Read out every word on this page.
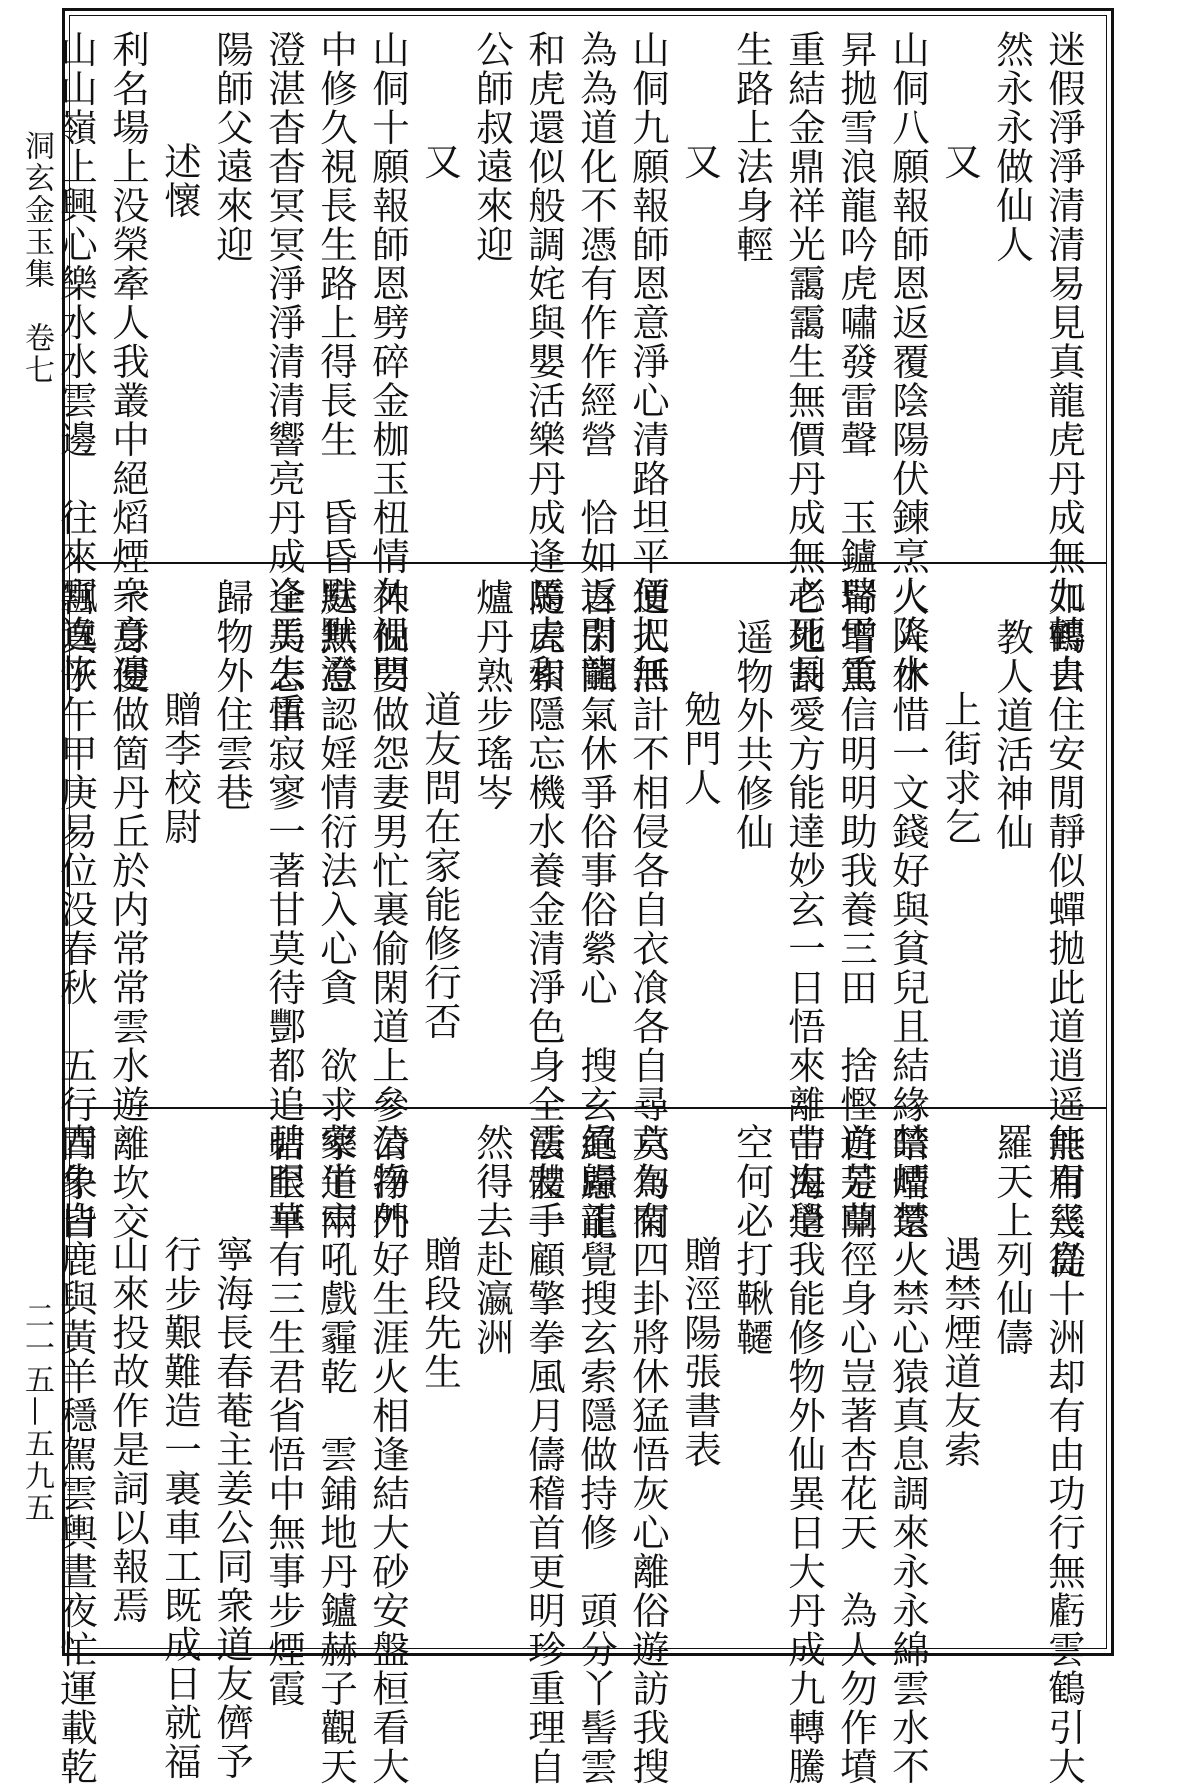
洞玄金玉集　卷七
二一五—五九五
迷假淨淨清清易見真龍虎丹成無九轉自
然永永做仙人
又
山侗八願報師恩返覆陰陽伏鍊烹火降水
昇拋雪浪龍吟虎嘯發雷聲　玉鑪瑞雪重
重結金鼎祥光靄靄生無價丹成無老死長
生路上法身輕
又
山侗九願報師恩意淨心清路坦平便把無
為為道化不憑有作作經營　恰如返引龍
和虎還似般調姹與嬰活樂丹成逢馬去和
公師叔遠來迎
又
山侗十願報師恩劈碎金枷玉杻情久視門
中修久視長生路上得長生　昏昏默默澄
澄湛杳杳冥冥淨淨清清響亮丹成逢馬去重
陽師父遠來迎
述懷
利名場上没榮牽人我叢中絕熖煙衆意邊
山山嶺上興心樂水水雲邊　往來飄逸恢
如鶴去住安閒靜似蟬拋此道逍遥能有幾從
教人道活神仙
上街求乞
人人休惜一文錢好與貧兒且結緣暗晴還
腎增篤信明明助我養三田　捨慳自是開
心地割愛方能達妙玄一日悟來離苦海逍
遥物外共修仙
勉門人
道人活計不相侵各自衣飡各自尋莫為閑
言閑鬬氣休爭俗事俗縈心　搜玄絕慮龍
隨虎索隱忘機水養金清淨色身全法體一
爐丹熟步瑤岑
道友問在家能修行否
神仙要做怨妻男忙裏偷閑道上參清淨門
庭無意認婬情衍法入心貪　欲求家道兩
全美怎悟寂寥一著甘莫待酆都追帖至早
歸物外住雲巷
贈李校尉
一身便做箇丹丘於内常常雲水遊離坎交
宫真子午甲庚易位没春秋　五行四象皆
無用三島十洲却有由功行無虧雲鶴引大
羅天上列仙儔
遇禁煙道友索
禁煙禁火禁心猿真息調來永永綿雲水不
遊芳草徑身心豈著杏花天　為人勿作墳
中鬼學我能修物外仙異日大丹成九轉騰
空何必打鞦韆
贈涇陽張書表
六旬有四卦將休猛悟灰心離俗遊訪我搜
眞歸正覺搜玄索隱做持修　頭分丫髻雲
霞友手顧擎拳風月儔稽首更明珍重理自
然得去赴瀛洲
贈段先生
公物外好生涯火相逢結大砂安盤桓看大
藥牛牢吼戲霾乾　雲鋪地丹鑪赫子觀天
碧眼華有三生君省悟中無事步煙霞
寧海長春菴主姜公同衆道友儕予
行步艱難造一裏車工既成日就福
山來投故作是詞以報焉
青牛白鹿與黃羊穩駕雲輿晝夜忙運載乾
